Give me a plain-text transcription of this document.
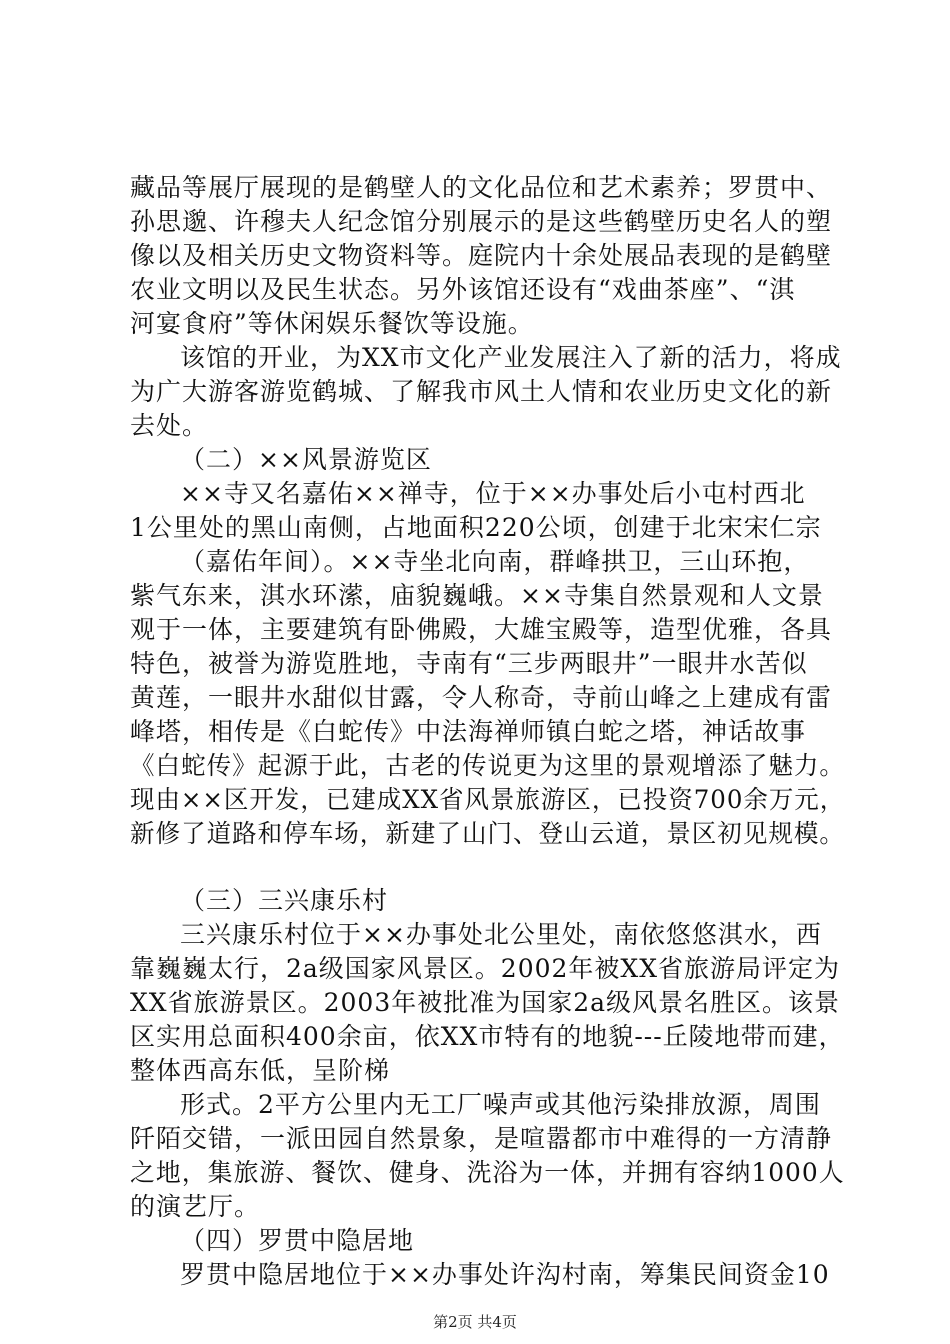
藏品等展厅展现的是鹤壁人的文化品位和艺术素养；罗贯中、
孙思邈、许穆夫人纪念馆分别展示的是这些鹤壁历史名人的塑
像以及相关历史文物资料等。庭院内十余处展品表现的是鹤壁
农业文明以及民生状态。另外该馆还设有“戏曲茶座”、“淇
河宴食府”等休闲娱乐餐饮等设施。
该馆的开业，为XX市文化产业发展注入了新的活力，将成
为广大游客游览鹤城、了解我市风土人情和农业历史文化的新
去处。
（二）××风景游览区
××寺又名嘉佑××禅寺，位于××办事处后小屯村西北
1公里处的黑山南侧，占地面积220公顷，创建于北宋宋仁宗
（嘉佑年间）。××寺坐北向南，群峰拱卫，三山环抱，
紫气东来，淇水环潆，庙貌巍峨。××寺集自然景观和人文景
观于一体，主要建筑有卧佛殿，大雄宝殿等，造型优雅，各具
特色，被誉为游览胜地，寺南有“三步两眼井”一眼井水苦似
黄莲，一眼井水甜似甘露，令人称奇，寺前山峰之上建成有雷
峰塔，相传是《白蛇传》中法海禅师镇白蛇之塔，神话故事
《白蛇传》起源于此，古老的传说更为这里的景观增添了魅力。
现由××区开发，已建成XX省风景旅游区，已投资700余万元，
新修了道路和停车场，新建了山门、登山云道，景区初见规模。
（三）三兴康乐村
三兴康乐村位于××办事处北公里处，南依悠悠淇水，西
靠巍巍太行，2a级国家风景区。2002年被XX省旅游局评定为
XX省旅游景区。2003年被批准为国家2a级风景名胜区。该景
区实用总面积400余亩，依XX市特有的地貌---丘陵地带而建，
整体西高东低，呈阶梯
形式。2平方公里内无工厂噪声或其他污染排放源，周围
阡陌交错，一派田园自然景象，是喧嚣都市中难得的一方清静
之地，集旅游、餐饮、健身、洗浴为一体，并拥有容纳1000人
的演艺厅。
（四）罗贯中隐居地
罗贯中隐居地位于××办事处许沟村南，筹集民间资金10
第2页 共4页
